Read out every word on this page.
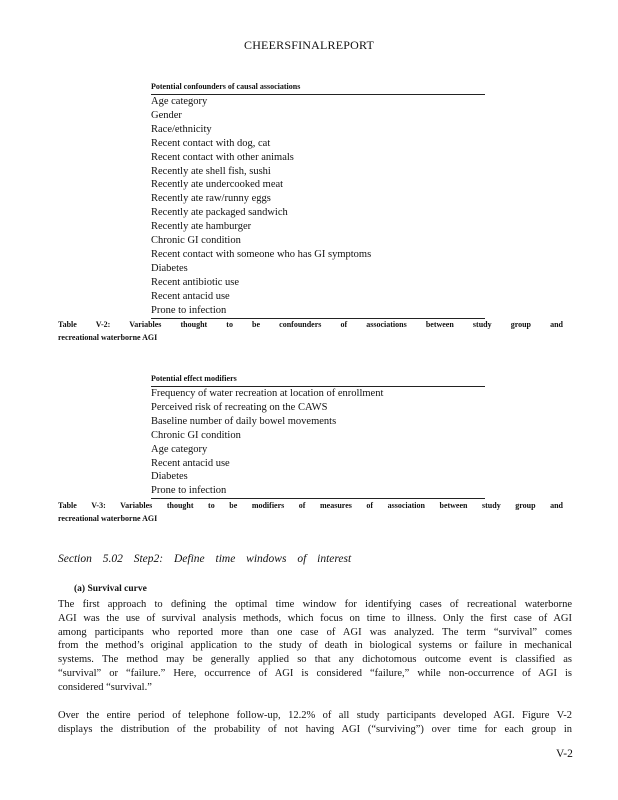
CHEERSFINALREPORT
Potential confounders of causal associations
Age category
Gender
Race/ethnicity
Recent contact with dog, cat
Recent contact with other animals
Recently ate shell fish, sushi
Recently ate undercooked meat
Recently ate raw/runny eggs
Recently ate packaged sandwich
Recently ate hamburger
Chronic GI condition
Recent contact with someone who has GI symptoms
Diabetes
Recent antibiotic use
Recent antacid use
Prone to infection
Table V-2: Variables thought to be confounders of associations between study group and
recreational waterborne AGI
Potential effect modifiers
Frequency of water recreation at location of enrollment
Perceived risk of recreating on the CAWS
Baseline number of daily bowel movements
Chronic GI condition
Age category
Recent antacid use
Diabetes
Prone to infection
Table V-3: Variables thought to be modifiers of measures of association between study group and
recreational waterborne AGI
Section 5.02 Step2: Define time windows of interest
(a) Survival curve
The first approach to defining the optimal time window for identifying cases of recreational waterborne
AGI was the use of survival analysis methods, which focus on time to illness. Only the first case of AGI
among participants who reported more than one case of AGI was analyzed. The term “survival” comes
from the method’s original application to the study of death in biological systems or failure in mechanical
systems. The method may be generally applied so that any dichotomous outcome event is classified as
“survival” or “failure.” Here, occurrence of AGI is considered “failure,” while non-occurrence of AGI is
considered “survival.”
Over the entire period of telephone follow-up, 12.2% of all study participants developed AGI. Figure V-2
displays the distribution of the probability of not having AGI (“surviving”) over time for each group in
V-2
